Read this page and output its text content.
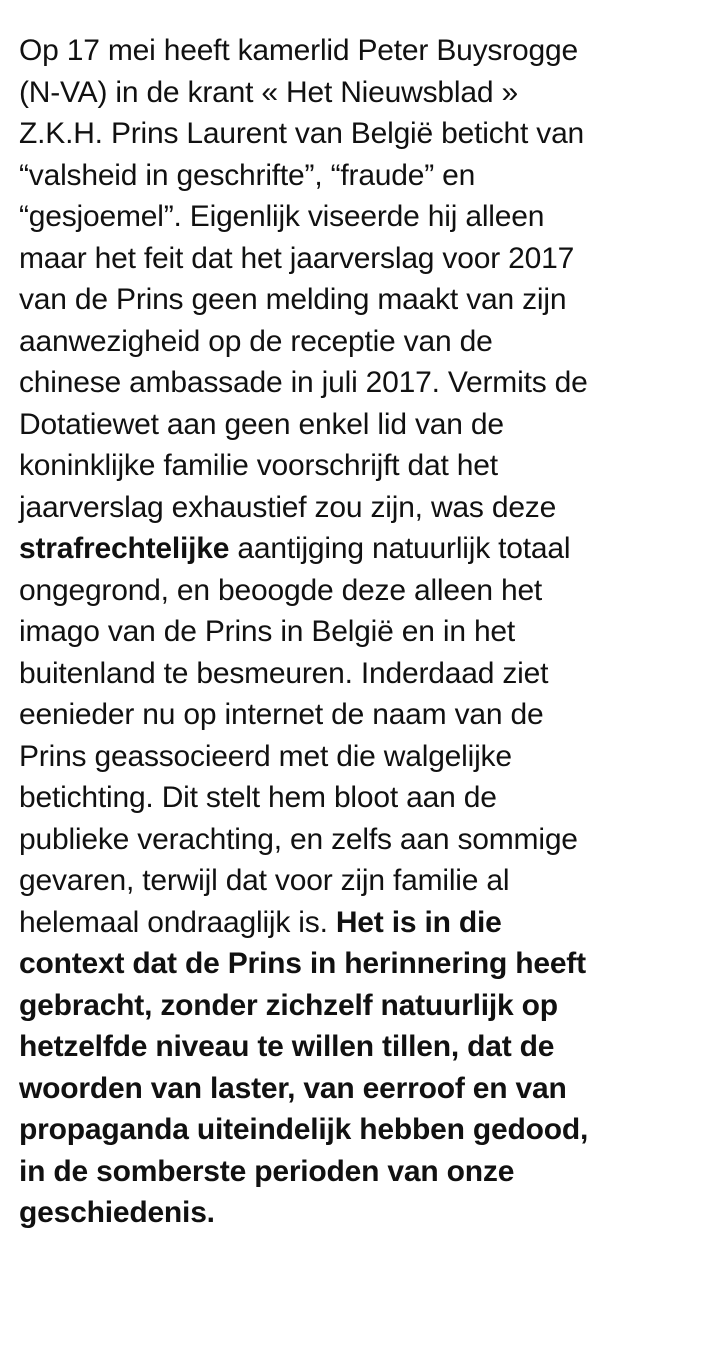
Op 17 mei heeft kamerlid Peter Buysrogge
(N-VA) in de krant « Het Nieuwsblad »
Z.K.H. Prins Laurent van België beticht van
“valsheid in geschrifte”, “fraude” en
“gesjoemel”. Eigenlijk viseerde hij alleen
maar het feit dat het jaarverslag voor 2017
van de Prins geen melding maakt van zijn
aanwezigheid op de receptie van de
chinese ambassade in juli 2017. Vermits de
Dotatiewet aan geen enkel lid van de
koninklijke familie voorschrijft dat het
jaarverslag exhaustief zou zijn, was deze
strafrechtelijke aantijging natuurlijk totaal
ongegrond, en beoogde deze alleen het
imago van de Prins in België en in het
buitenland te besmeuren. Inderdaad ziet
eenieder nu op internet de naam van de
Prins geassocieerd met die walgelijke
betichting. Dit stelt hem bloot aan de
publieke verachting, en zelfs aan sommige
gevaren, terwijl dat voor zijn familie al
helemaal ondraaglijk is. Het is in die
context dat de Prins in herinnering heeft
gebracht, zonder zichzelf natuurlijk op
hetzelfde niveau te willen tillen, dat de
woorden van laster, van eerroof en van
propaganda uiteindelijk hebben gedood,
in de somberste perioden van onze
geschiedenis.
